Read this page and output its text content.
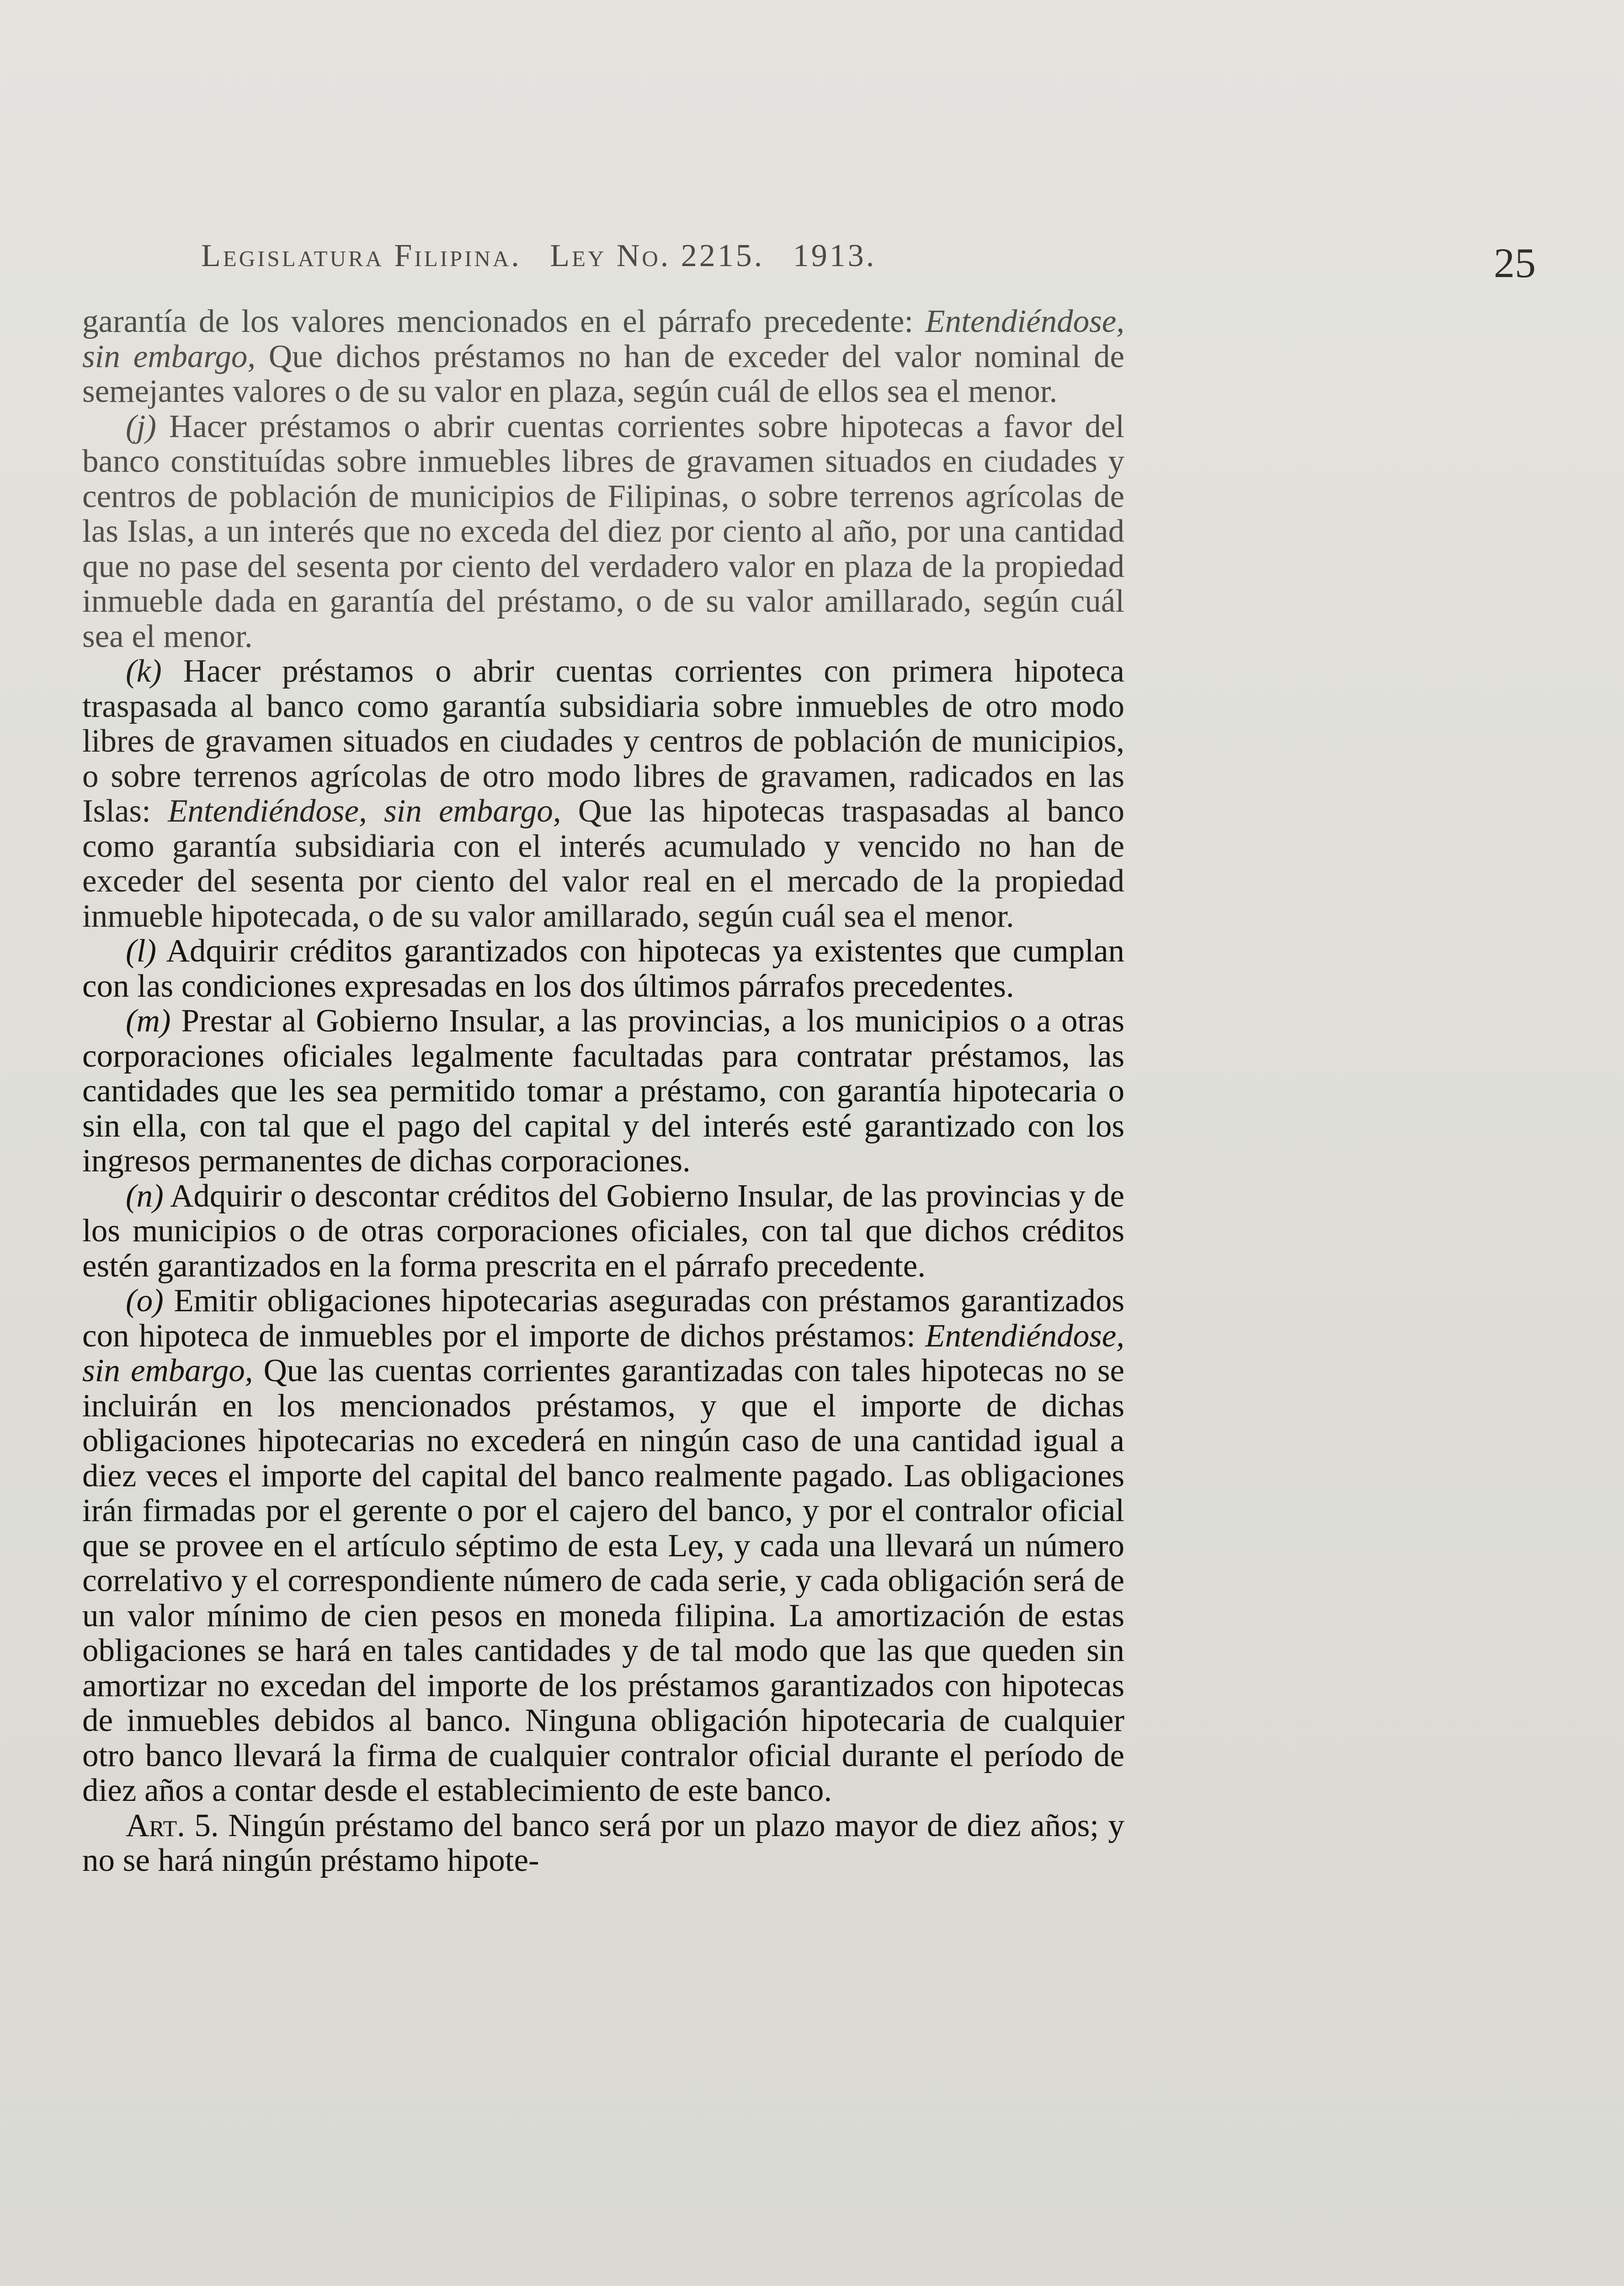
Legislatura Filipina. Ley No. 2215. 1913.	25

garantía de los valores mencionados en el párrafo precedente: Entendiéndose, sin embargo, Que dichos préstamos no han de exceder del valor nominal de semejantes valores o de su valor en plaza, según cuál de ellos sea el menor.

(j) Hacer préstamos o abrir cuentas corrientes sobre hipotecas a favor del banco constituídas sobre inmuebles libres de gravamen situados en ciudades y centros de población de municipios de Filipinas, o sobre terrenos agrícolas de las Islas, a un interés que no exceda del diez por ciento al año, por una cantidad que no pase del sesenta por ciento del verdadero valor en plaza de la propiedad inmueble dada en garantía del préstamo, o de su valor amillarado, según cuál sea el menor.

(k) Hacer préstamos o abrir cuentas corrientes con primera hipoteca traspasada al banco como garantía subsidiaria sobre inmuebles de otro modo libres de gravamen situados en ciudades y centros de población de municipios, o sobre terrenos agrícolas de otro modo libres de gravamen, radicados en las Islas: Entendiéndose, sin embargo, Que las hipotecas traspasadas al banco como garantía subsidiaria con el interés acumulado y vencido no han de exceder del sesenta por ciento del valor real en el mercado de la propiedad inmueble hipotecada, o de su valor amillarado, según cuál sea el menor.

(l) Adquirir créditos garantizados con hipotecas ya existentes que cumplan con las condiciones expresadas en los dos últimos párrafos precedentes.

(m) Prestar al Gobierno Insular, a las provincias, a los municipios o a otras corporaciones oficiales legalmente facultadas para contratar préstamos, las cantidades que les sea permitido tomar a préstamo, con garantía hipotecaria o sin ella, con tal que el pago del capital y del interés esté garantizado con los ingresos permanentes de dichas corporaciones.

(n) Adquirir o descontar créditos del Gobierno Insular, de las provincias y de los municipios o de otras corporaciones oficiales, con tal que dichos créditos estén garantizados en la forma prescrita en el párrafo precedente.

(o) Emitir obligaciones hipotecarias aseguradas con préstamos garantizados con hipoteca de inmuebles por el importe de dichos préstamos: Entendiéndose, sin embargo, Que las cuentas corrientes garantizadas con tales hipotecas no se incluirán en los mencionados préstamos, y que el importe de dichas obligaciones hipotecarias no excederá en ningún caso de una cantidad igual a diez veces el importe del capital del banco realmente pagado. Las obligaciones irán firmadas por el gerente o por el cajero del banco, y por el contralor oficial que se provee en el artículo séptimo de esta Ley, y cada una llevará un número correlativo y el correspondiente número de cada serie, y cada obligación será de un valor mínimo de cien pesos en moneda filipina. La amortización de estas obligaciones se hará en tales cantidades y de tal modo que las que queden sin amortizar no excedan del importe de los préstamos garantizados con hipotecas de inmuebles debidos al banco. Ninguna obligación hipotecaria de cualquier otro banco llevará la firma de cualquier contralor oficial durante el período de diez años a contar desde el establecimiento de este banco.

Art. 5. Ningún préstamo del banco será por un plazo mayor de diez años; y no se hará ningún préstamo hipote-
